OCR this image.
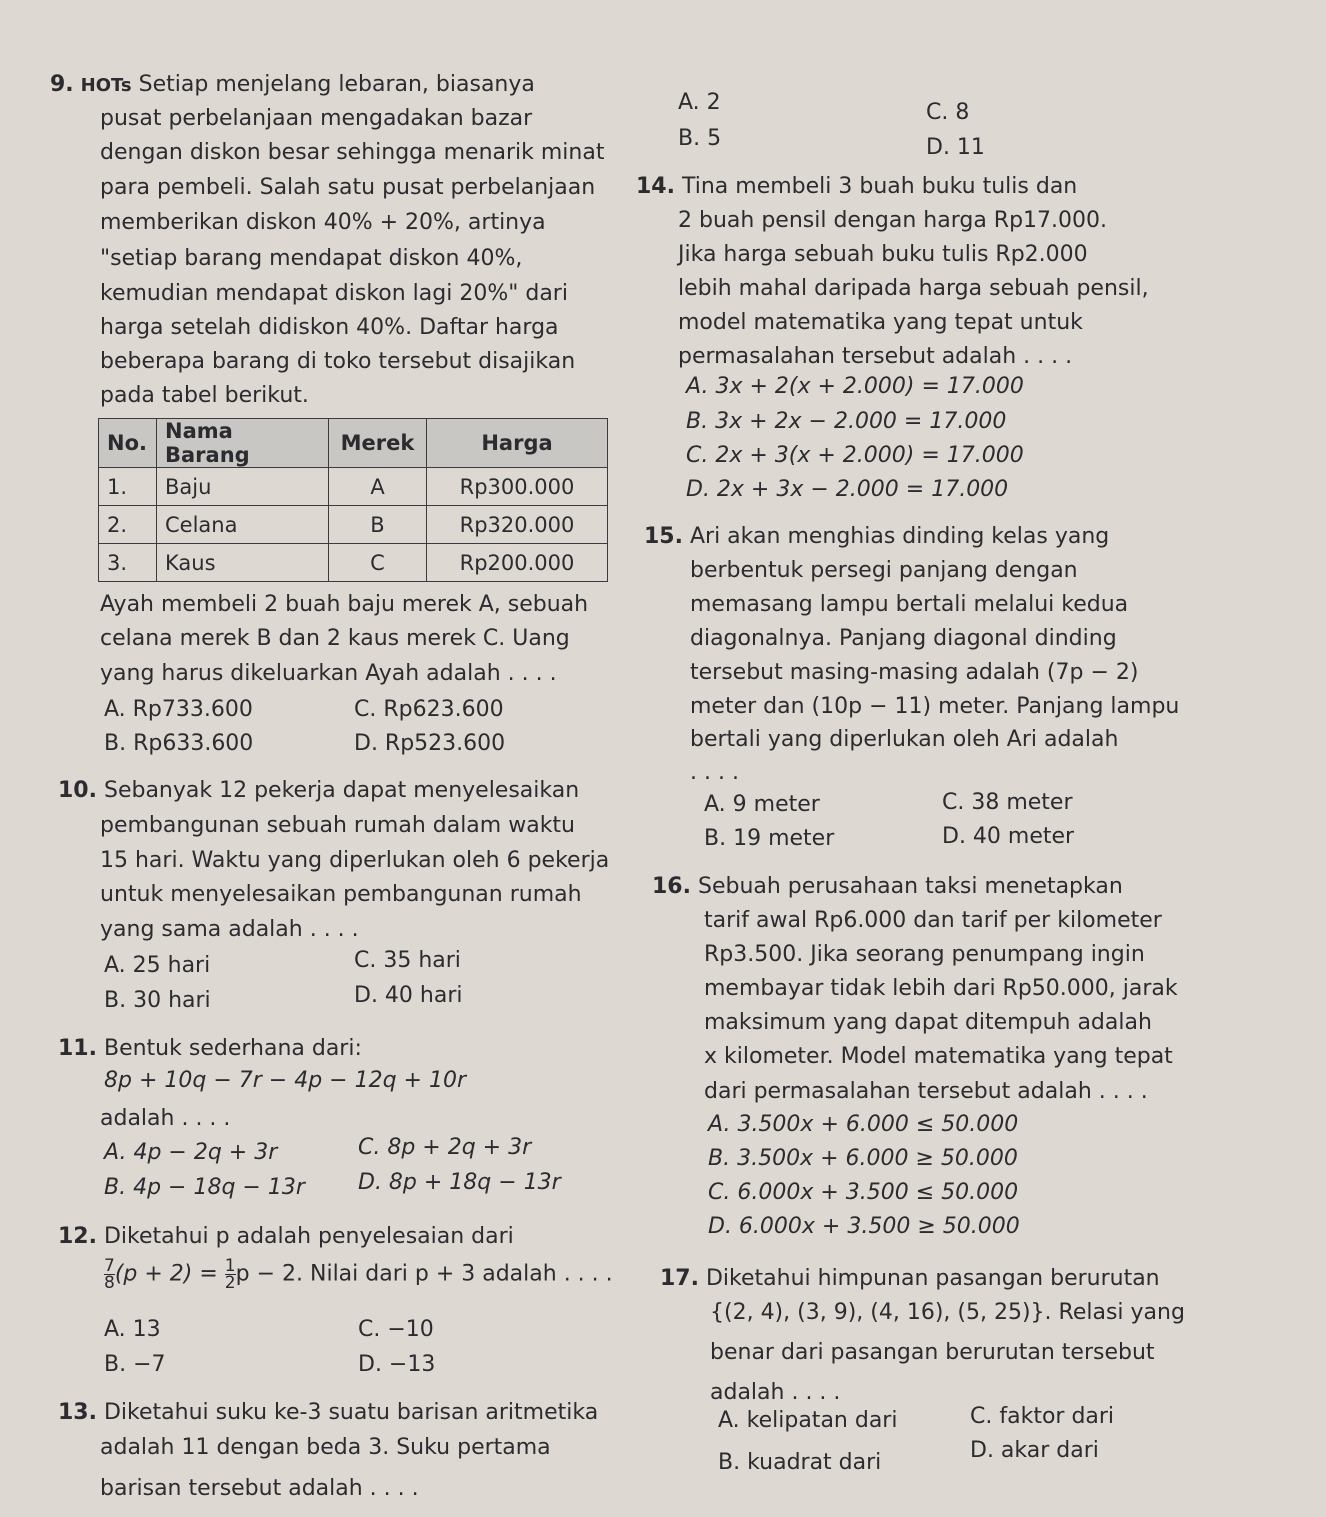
9. HOTs Setiap menjelang lebaran, biasanya
pusat perbelanjaan mengadakan bazar
dengan diskon besar sehingga menarik minat
para pembeli. Salah satu pusat perbelanjaan
memberikan diskon 40% + 20%, artinya
"setiap barang mendapat diskon 40%,
kemudian mendapat diskon lagi 20%" dari
harga setelah didiskon 40%. Daftar harga
beberapa barang di toko tersebut disajikan
pada tabel berikut.
No.	Nama Barang	Merek	Harga
1.	Baju	A	Rp300.000
2.	Celana	B	Rp320.000
3.	Kaus	C	Rp200.000
Ayah membeli 2 buah baju merek A, sebuah
celana merek B dan 2 kaus merek C. Uang
yang harus dikeluarkan Ayah adalah . . . .
A. Rp733.600	C. Rp623.600
B. Rp633.600	D. Rp523.600
10. Sebanyak 12 pekerja dapat menyelesaikan
pembangunan sebuah rumah dalam waktu
15 hari. Waktu yang diperlukan oleh 6 pekerja
untuk menyelesaikan pembangunan rumah
yang sama adalah . . . .
A. 25 hari	C. 35 hari
B. 30 hari	D. 40 hari
11. Bentuk sederhana dari:
8p + 10q − 7r − 4p − 12q + 10r
adalah . . . .
A. 4p − 2q + 3r	C. 8p + 2q + 3r
B. 4p − 18q − 13r D. 8p + 18q − 13r
12. Diketahui p adalah penyelesaian dari
$\frac{7}{8} (p + 2) = \frac{1}{2}$ p − 2. Nilai dari p + 3 adalah . . . .
A. 13	C. −10
B. −7	D. −13
13. Diketahui suku ke-3 suatu barisan aritmetika
adalah 11 dengan beda 3. Suku pertama
barisan tersebut adalah . . . .
A. 2	C. 8
B. 5	D. 11
14. Tina membeli 3 buah buku tulis dan
2 buah pensil dengan harga Rp17.000.
Jika harga sebuah buku tulis Rp2.000
lebih mahal daripada harga sebuah pensil,
model matematika yang tepat untuk
permasalahan tersebut adalah . . . .
A. 3x + 2(x + 2.000) = 17.000
B. 3x + 2x − 2.000 = 17.000
C. 2x + 3(x + 2.000) = 17.000
D. 2x + 3x − 2.000 = 17.000
15. Ari akan menghias dinding kelas yang
berbentuk persegi panjang dengan
memasang lampu bertali melalui kedua
diagonalnya. Panjang diagonal dinding
tersebut masing-masing adalah (7p − 2)
meter dan (10p − 11) meter. Panjang lampu
bertali yang diperlukan oleh Ari adalah
. . . .
A. 9 meter	C. 38 meter
B. 19 meter	D. 40 meter
16. Sebuah perusahaan taksi menetapkan
tarif awal Rp6.000 dan tarif per kilometer
Rp3.500. Jika seorang penumpang ingin
membayar tidak lebih dari Rp50.000, jarak
maksimum yang dapat ditempuh adalah
x kilometer. Model matematika yang tepat
dari permasalahan tersebut adalah . . . .
A. 3.500x + 6.000 ≤ 50.000
B. 3.500x + 6.000 ≥ 50.000
C. 6.000x + 3.500 ≤ 50.000
D. 6.000x + 3.500 ≥ 50.000
17. Diketahui himpunan pasangan berurutan
{(2, 4), (3, 9), (4, 16), (5, 25)}. Relasi yang
benar dari pasangan berurutan tersebut
adalah . . . .
A. kelipatan dari	C. faktor dari
B. kuadrat dari	D. akar dari
